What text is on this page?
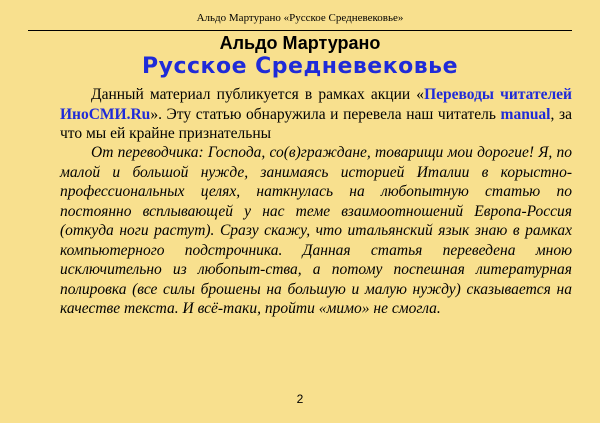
Альдо Мартурано «Русское Средневековье»
Альдо Мартурано
Русское Средневековье
  Данный материал публикуется в рамках акции «Переводы читателей ИноСМИ.Ru». Эту статью обнаружила и перевела наш читатель manual, за что мы ей крайне признательны
  От переводчика: Господа, со(в)граждане, товарищи мои дорогие! Я, по малой и большой нужде, занимаясь историей Италии в корыстно-профессиональных целях, наткнулась на любопытную статью по постоянно всплывающей у нас теме взаимоотношений Европа-Россия (откуда ноги растут). Сразу скажу, что итальянский язык знаю в рамках компьютерного подстрочника. Данная статья переведена мною исключительно из любопыт-ства, а потому поспешная литературная полировка (все силы брошены на большую и малую нужду) сказывается на качестве текста. И всё-таки, пройти «мимо» не смогла.
2
